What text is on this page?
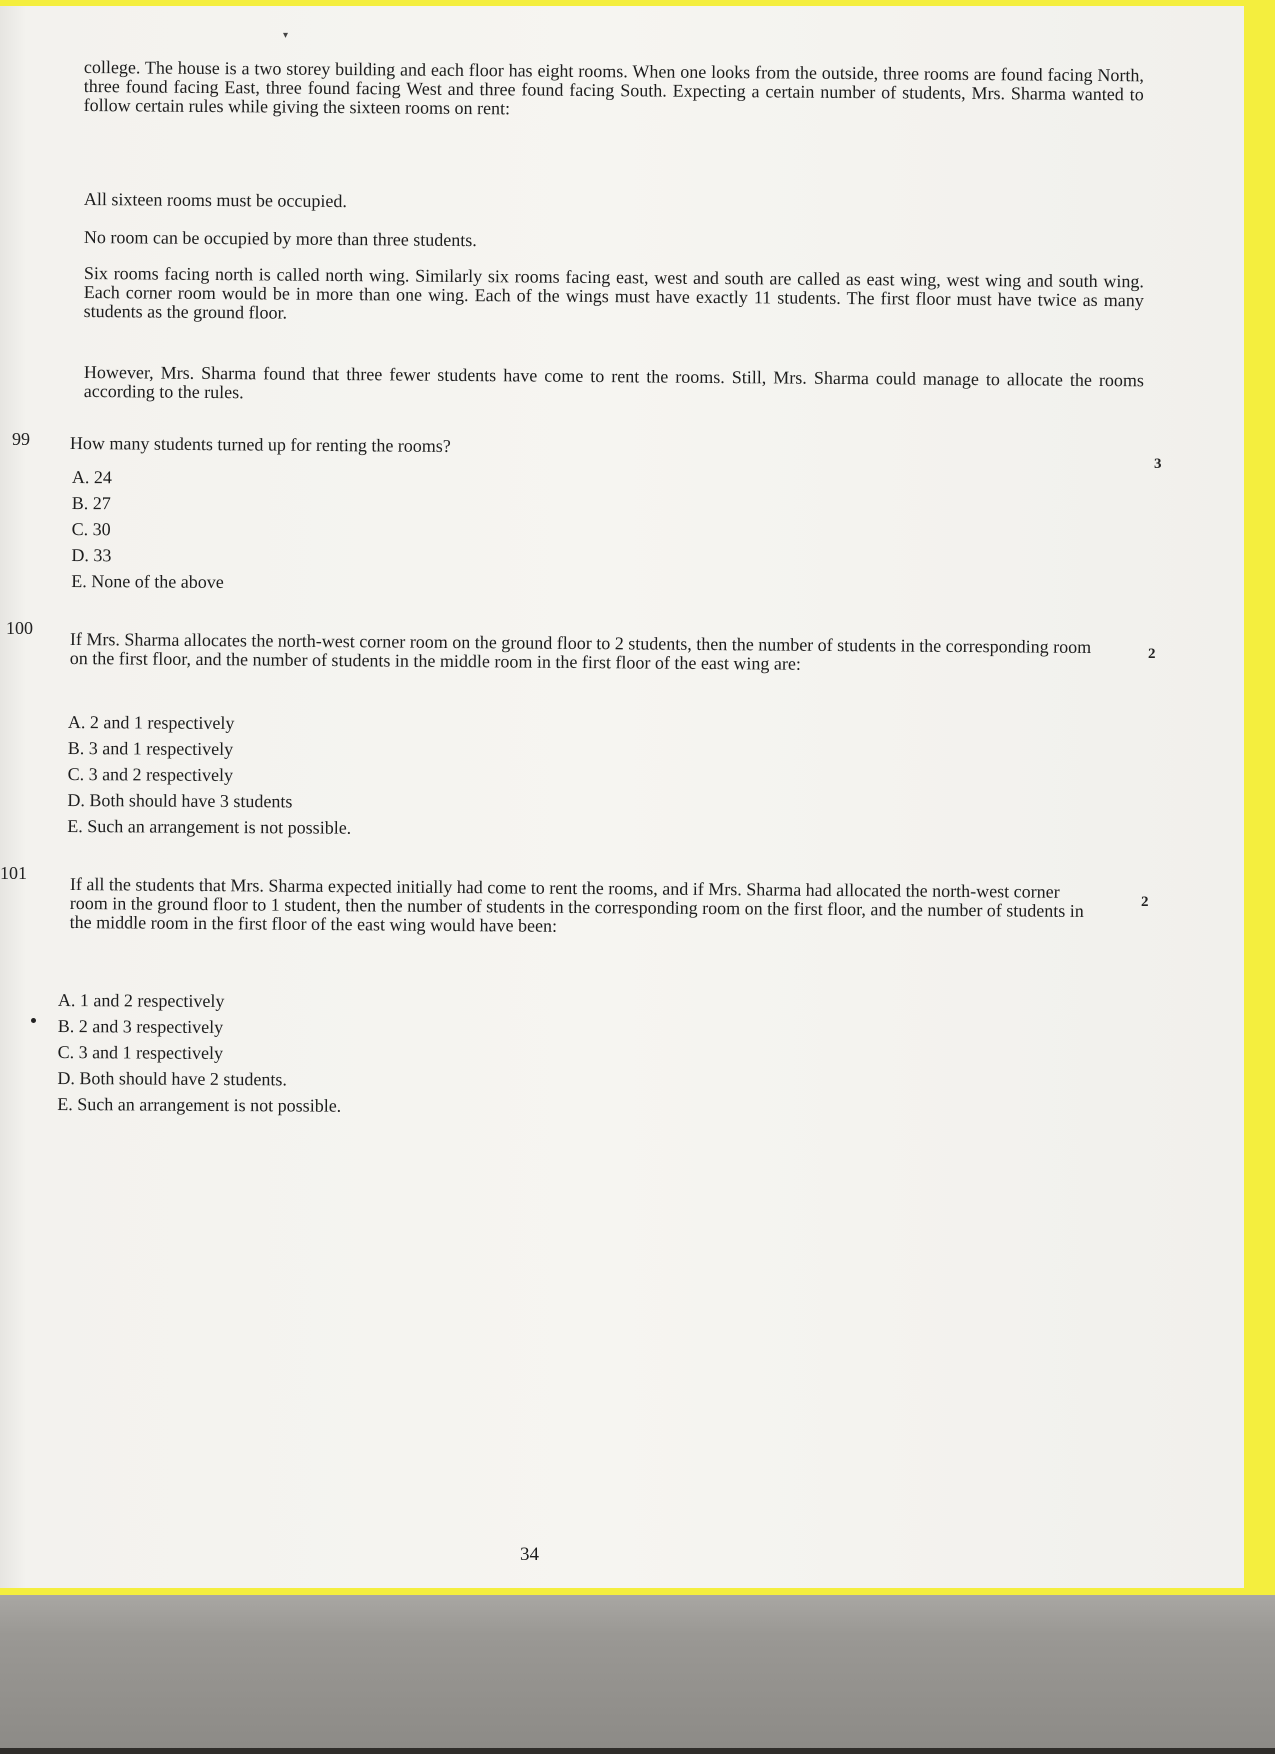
▾

college. The house is a two storey building and each floor has eight rooms. When one looks from the outside, three rooms are found facing North, three found facing East, three found facing West and three found facing South. Expecting a certain number of students, Mrs. Sharma wanted to follow certain rules while giving the sixteen rooms on rent:

All sixteen rooms must be occupied.

No room can be occupied by more than three students.

Six rooms facing north is called north wing. Similarly six rooms facing east, west and south are called as east wing, west wing and south wing. Each corner room would be in more than one wing. Each of the wings must have exactly 11 students. The first floor must have twice as many students as the ground floor.

However, Mrs. Sharma found that three fewer students have come to rent the rooms. Still, Mrs. Sharma could manage to allocate the rooms according to the rules.

99 How many students turned up for renting the rooms?

3
A. 24
B. 27
C. 30
D. 33
E. None of the above
100

If Mrs. Sharma allocates the north-west corner room on the ground floor to 2 students, then the number of students in the corresponding room on the first floor, and the number of students in the middle room in the first floor of the east wing are:	2
A. 2 and 1 respectively
B. 3 and 1 respectively
C. 3 and 2 respectively
D. Both should have 3 students
E. Such an arrangement is not possible.
101

If all the students that Mrs. Sharma expected initially had come to rent the rooms, and if Mrs. Sharma had allocated the north-west corner room in the ground floor to 1 student, then the number of students in the corresponding room on the first floor, and the number of students in the middle room in the first floor of the east wing would have been:

2
A. 1 and 2 respectively
B. 2 and 3 respectively
C. 3 and 1 respectively
D. Both should have 2 students.
E. Such an arrangement is not possible.
34
